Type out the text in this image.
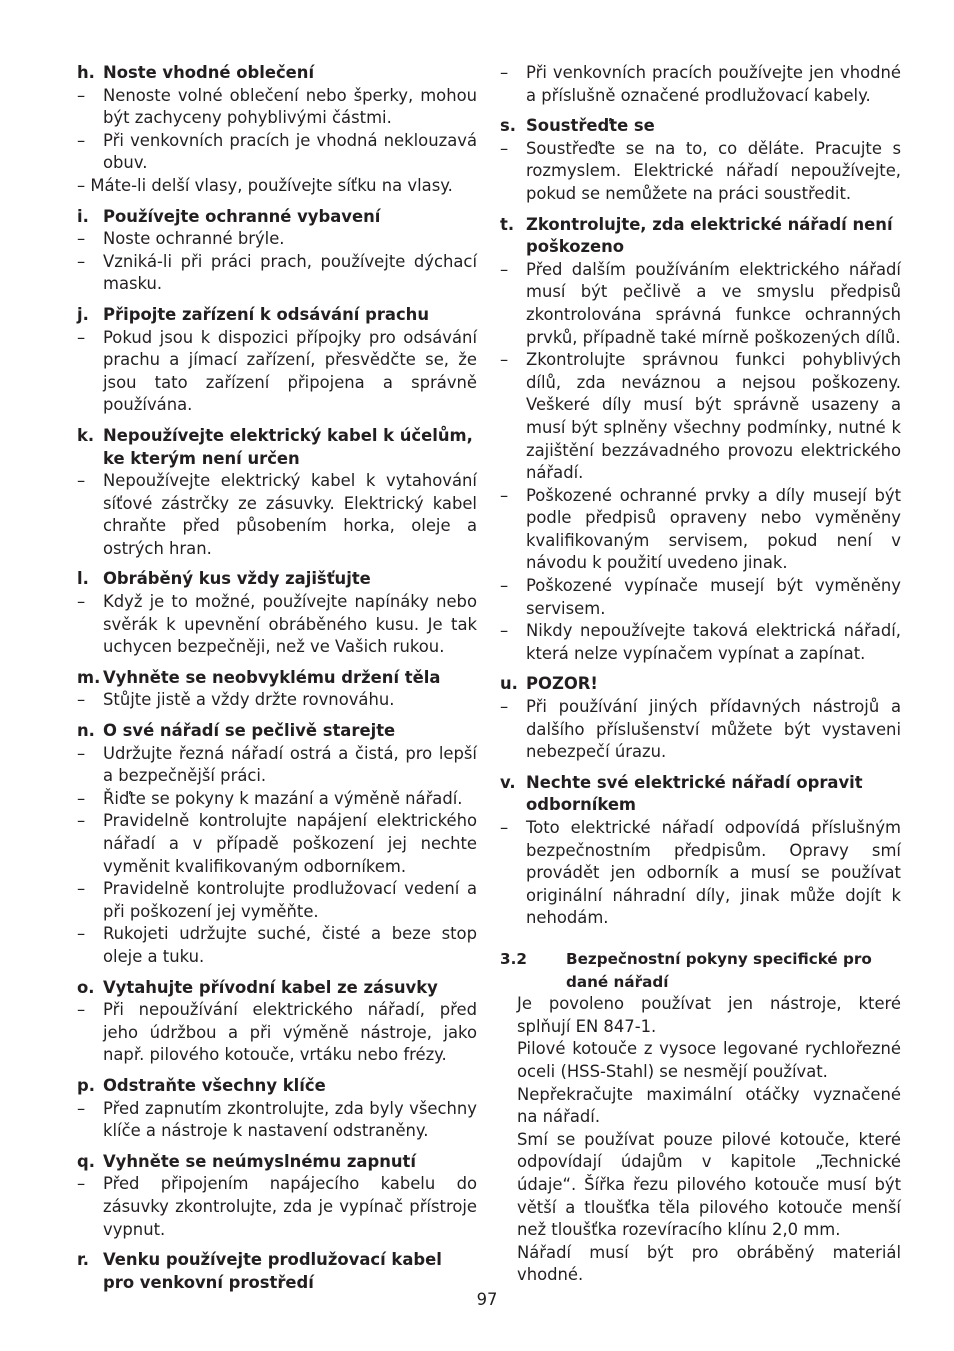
h. Noste vhodné oblečení
–	Nenoste volné oblečení nebo šperky, mohou být zachyceny pohyblivými částmi.
–	Při venkovních pracích je vhodná neklouzavá obuv.
– Máte-li delší vlasy, používejte síťku na vlasy.
i. Používejte ochranné vybavení
–	Noste ochranné brýle.
–	Vzniká-li při práci prach, používejte dýchací masku.
j. Připojte zařízení k odsávání prachu
–	Pokud jsou k dispozici přípojky pro odsávání prachu a jímací zařízení, přesvědčte se, že jsou tato zařízení připojena a správně používána.
k. Nepoužívejte elektrický kabel k účelům, ke kterým není určen
–	Nepoužívejte elektrický kabel k vytahování síťové zástrčky ze zásuvky. Elektrický kabel chraňte před působením horka, oleje a ostrých hran.
l. Obráběný kus vždy zajišťujte
–	Když je to možné, používejte napínáky nebo svěrák k upevnění obráběného kusu. Je tak uchycen bezpečněji, než ve Vašich rukou.
m. Vyhněte se neobvyklému držení těla
–	Stůjte jistě a vždy držte rovnováhu.
n. O své nářadí se pečlivě starejte
–	Udržujte řezná nářadí ostrá a čistá, pro lepší a bezpečnější práci.
–	Řiďte se pokyny k mazání a výměně nářadí.
–	Pravidelně kontrolujte napájení elektrického nářadí a v případě poškození jej nechte vyměnit kvalifikovaným odborníkem.
–	Pravidelně kontrolujte prodlužovací vedení a při poškození jej vyměňte.
–	Rukojeti udržujte suché, čisté a beze stop oleje a tuku.
o. Vytahujte přívodní kabel ze zásuvky
–	Při nepoužívání elektrického nářadí, před jeho údržbou a při výměně nástroje, jako např. pilového kotouče, vrtáku nebo frézy.
p. Odstraňte všechny klíče
–	Před zapnutím zkontrolujte, zda byly všechny klíče a nástroje k nastavení odstraněny.
q. Vyhněte se neúmyslnému zapnutí
–	Před připojením napájecího kabelu do zásuvky zkontrolujte, zda je vypínač přístroje vypnut.
r. Venku používejte prodlužovací kabel pro venkovní prostředí
–	Při venkovních pracích používejte jen vhodné a příslušně označené prodlužovací kabely.
s. Soustřeďte se
–	Soustřeďte se na to, co děláte. Pracujte s rozmyslem. Elektrické nářadí nepoužívejte, pokud se nemůžete na práci soustředit.
t. Zkontrolujte, zda elektrické nářadí není poškozeno
–	Před dalším používáním elektrického nářadí musí být pečlivě a ve smyslu předpisů zkontrolována správná funkce ochranných prvků, případně také mírně poškozených dílů.
–	Zkontrolujte správnou funkci pohyblivých dílů, zda neváznou a nejsou poškozeny. Veškeré díly musí být správně usazeny a musí být splněny všechny podmínky, nutné k zajištění bezzávadného provozu elektrického nářadí.
–	Poškozené ochranné prvky a díly musejí být podle předpisů opraveny nebo vyměněny kvalifikovaným servisem, pokud není v návodu k použití uvedeno jinak.
–	Poškozené vypínače musejí být vyměněny servisem.
–	Nikdy nepoužívejte taková elektrická nářadí, která nelze vypínačem vypínat a zapínat.
u. POZOR!
–	Při používání jiných přídavných nástrojů a dalšího příslušenství můžete být vystaveni nebezpečí úrazu.
v. Nechte své elektrické nářadí opravit odborníkem
–	Toto elektrické nářadí odpovídá příslušným bezpečnostním předpisům. Opravy smí provádět jen odborník a musí se používat originální náhradní díly, jinak může dojít k nehodám.
3.2	Bezpečnostní pokyny specifické pro dané nářadí
Je povoleno používat jen nástroje, které splňují EN 847-1.
Pilové kotouče z vysoce legované rychlořezné oceli (HSS-Stahl) se nesmějí používat.
Nepřekračujte maximální otáčky vyznačené na nářadí.
Smí se používat pouze pilové kotouče, které odpovídají údajům v kapitole „Technické údaje“. Šířka řezu pilového kotouče musí být větší a tloušťka těla pilového kotouče menší než tloušťka rozevíracího klínu 2,0 mm.
Nářadí musí být pro obráběný materiál vhodné.
97
